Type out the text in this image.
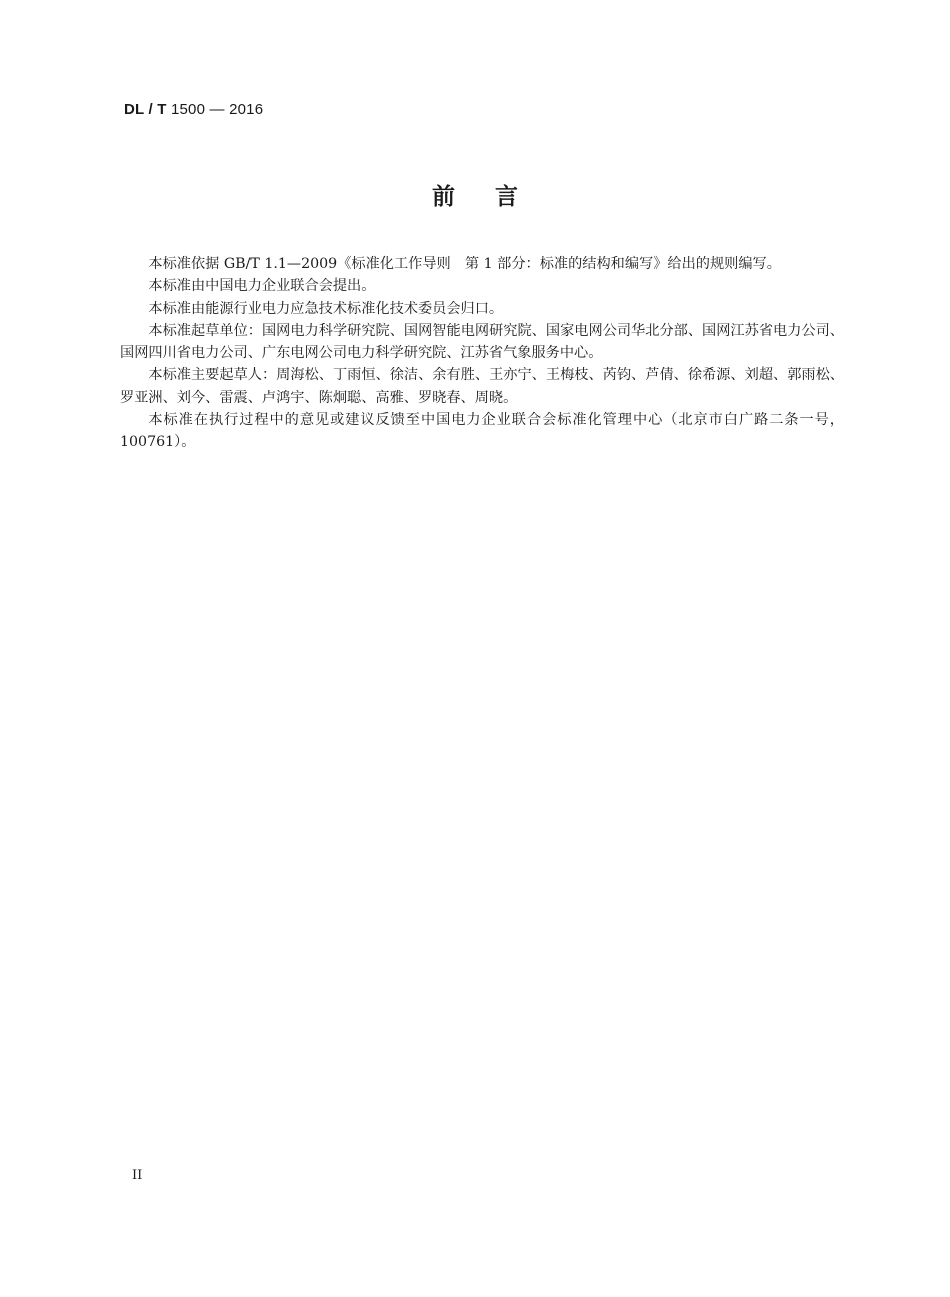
DL / T 1500 — 2016
前言

本标准依据 GB/T 1.1—2009《标准化工作导则　第 1 部分：标准的结构和编写》给出的规则编写。

本标准由中国电力企业联合会提出。

本标准由能源行业电力应急技术标准化技术委员会归口。

本标准起草单位：国网电力科学研究院、国网智能电网研究院、国家电网公司华北分部、国网江苏省电力公司、国网四川省电力公司、广东电网公司电力科学研究院、江苏省气象服务中心。

本标准主要起草人：周海松、丁雨恒、徐洁、余有胜、王亦宁、王梅枝、芮钧、芦倩、徐希源、刘超、郭雨松、罗亚洲、刘今、雷震、卢鸿宇、陈炯聪、高雅、罗晓春、周晓。

本标准在执行过程中的意见或建议反馈至中国电力企业联合会标准化管理中心（北京市白广路二条一号，100761）。

II
